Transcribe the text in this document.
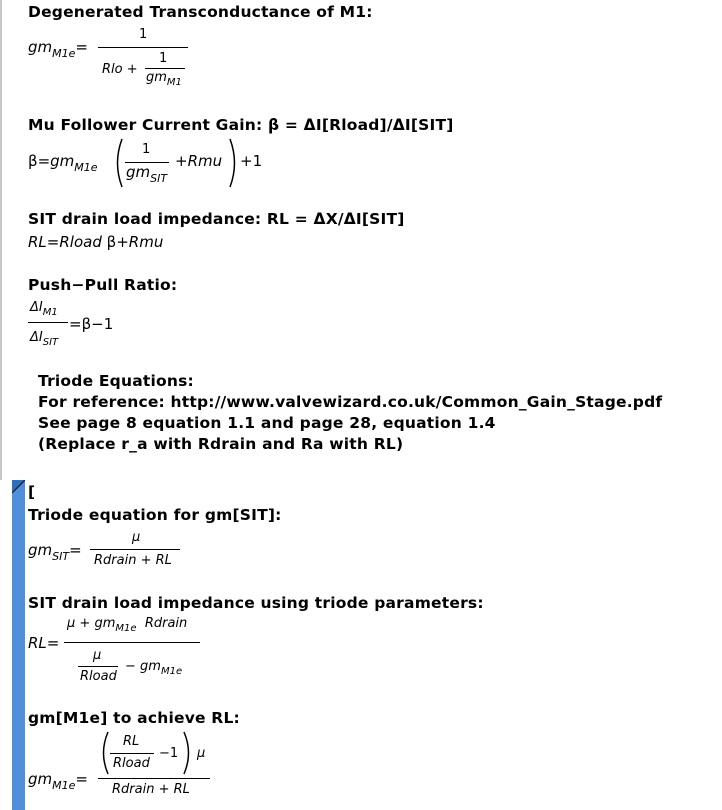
Degenerated Transconductance of M1:
$gm_{M1e}=$
1
Rlo +
1
$gm_{M1}$
Mu Follower Current Gain: β = ΔI[Rload]/ΔI[SIT]
$\beta=gm_{M1e}$
1
$gm_{SIT}$
+Rmu +1
SIT drain load impedance: RL = ΔX/ΔI[SIT]
RL=Rload β+Rmu
Push−Pull Ratio:
$\Delta I_{M1}$
$\Delta I_{SIT}$
=β−1
Triode Equations:
For reference: http://www.valvewizard.co.uk/Common_Gain_Stage.pdf
See page 8 equation 1.1 and page 28, equation 1.4
(Replace r_a with Rdrain and Ra with RL)
[
Triode equation for gm[SIT]:
$gm_{SIT}=$
μ
Rdrain + RL
SIT drain load impedance using triode parameters:
RL=
$\mu + gm_{M1e}$ Rdrain
μ
Rload
− $gm_{M1e}$
gm[M1e] to achieve RL:
$gm_{M1e}=$
RL
Rload
−1 μ
Rdrain + RL
